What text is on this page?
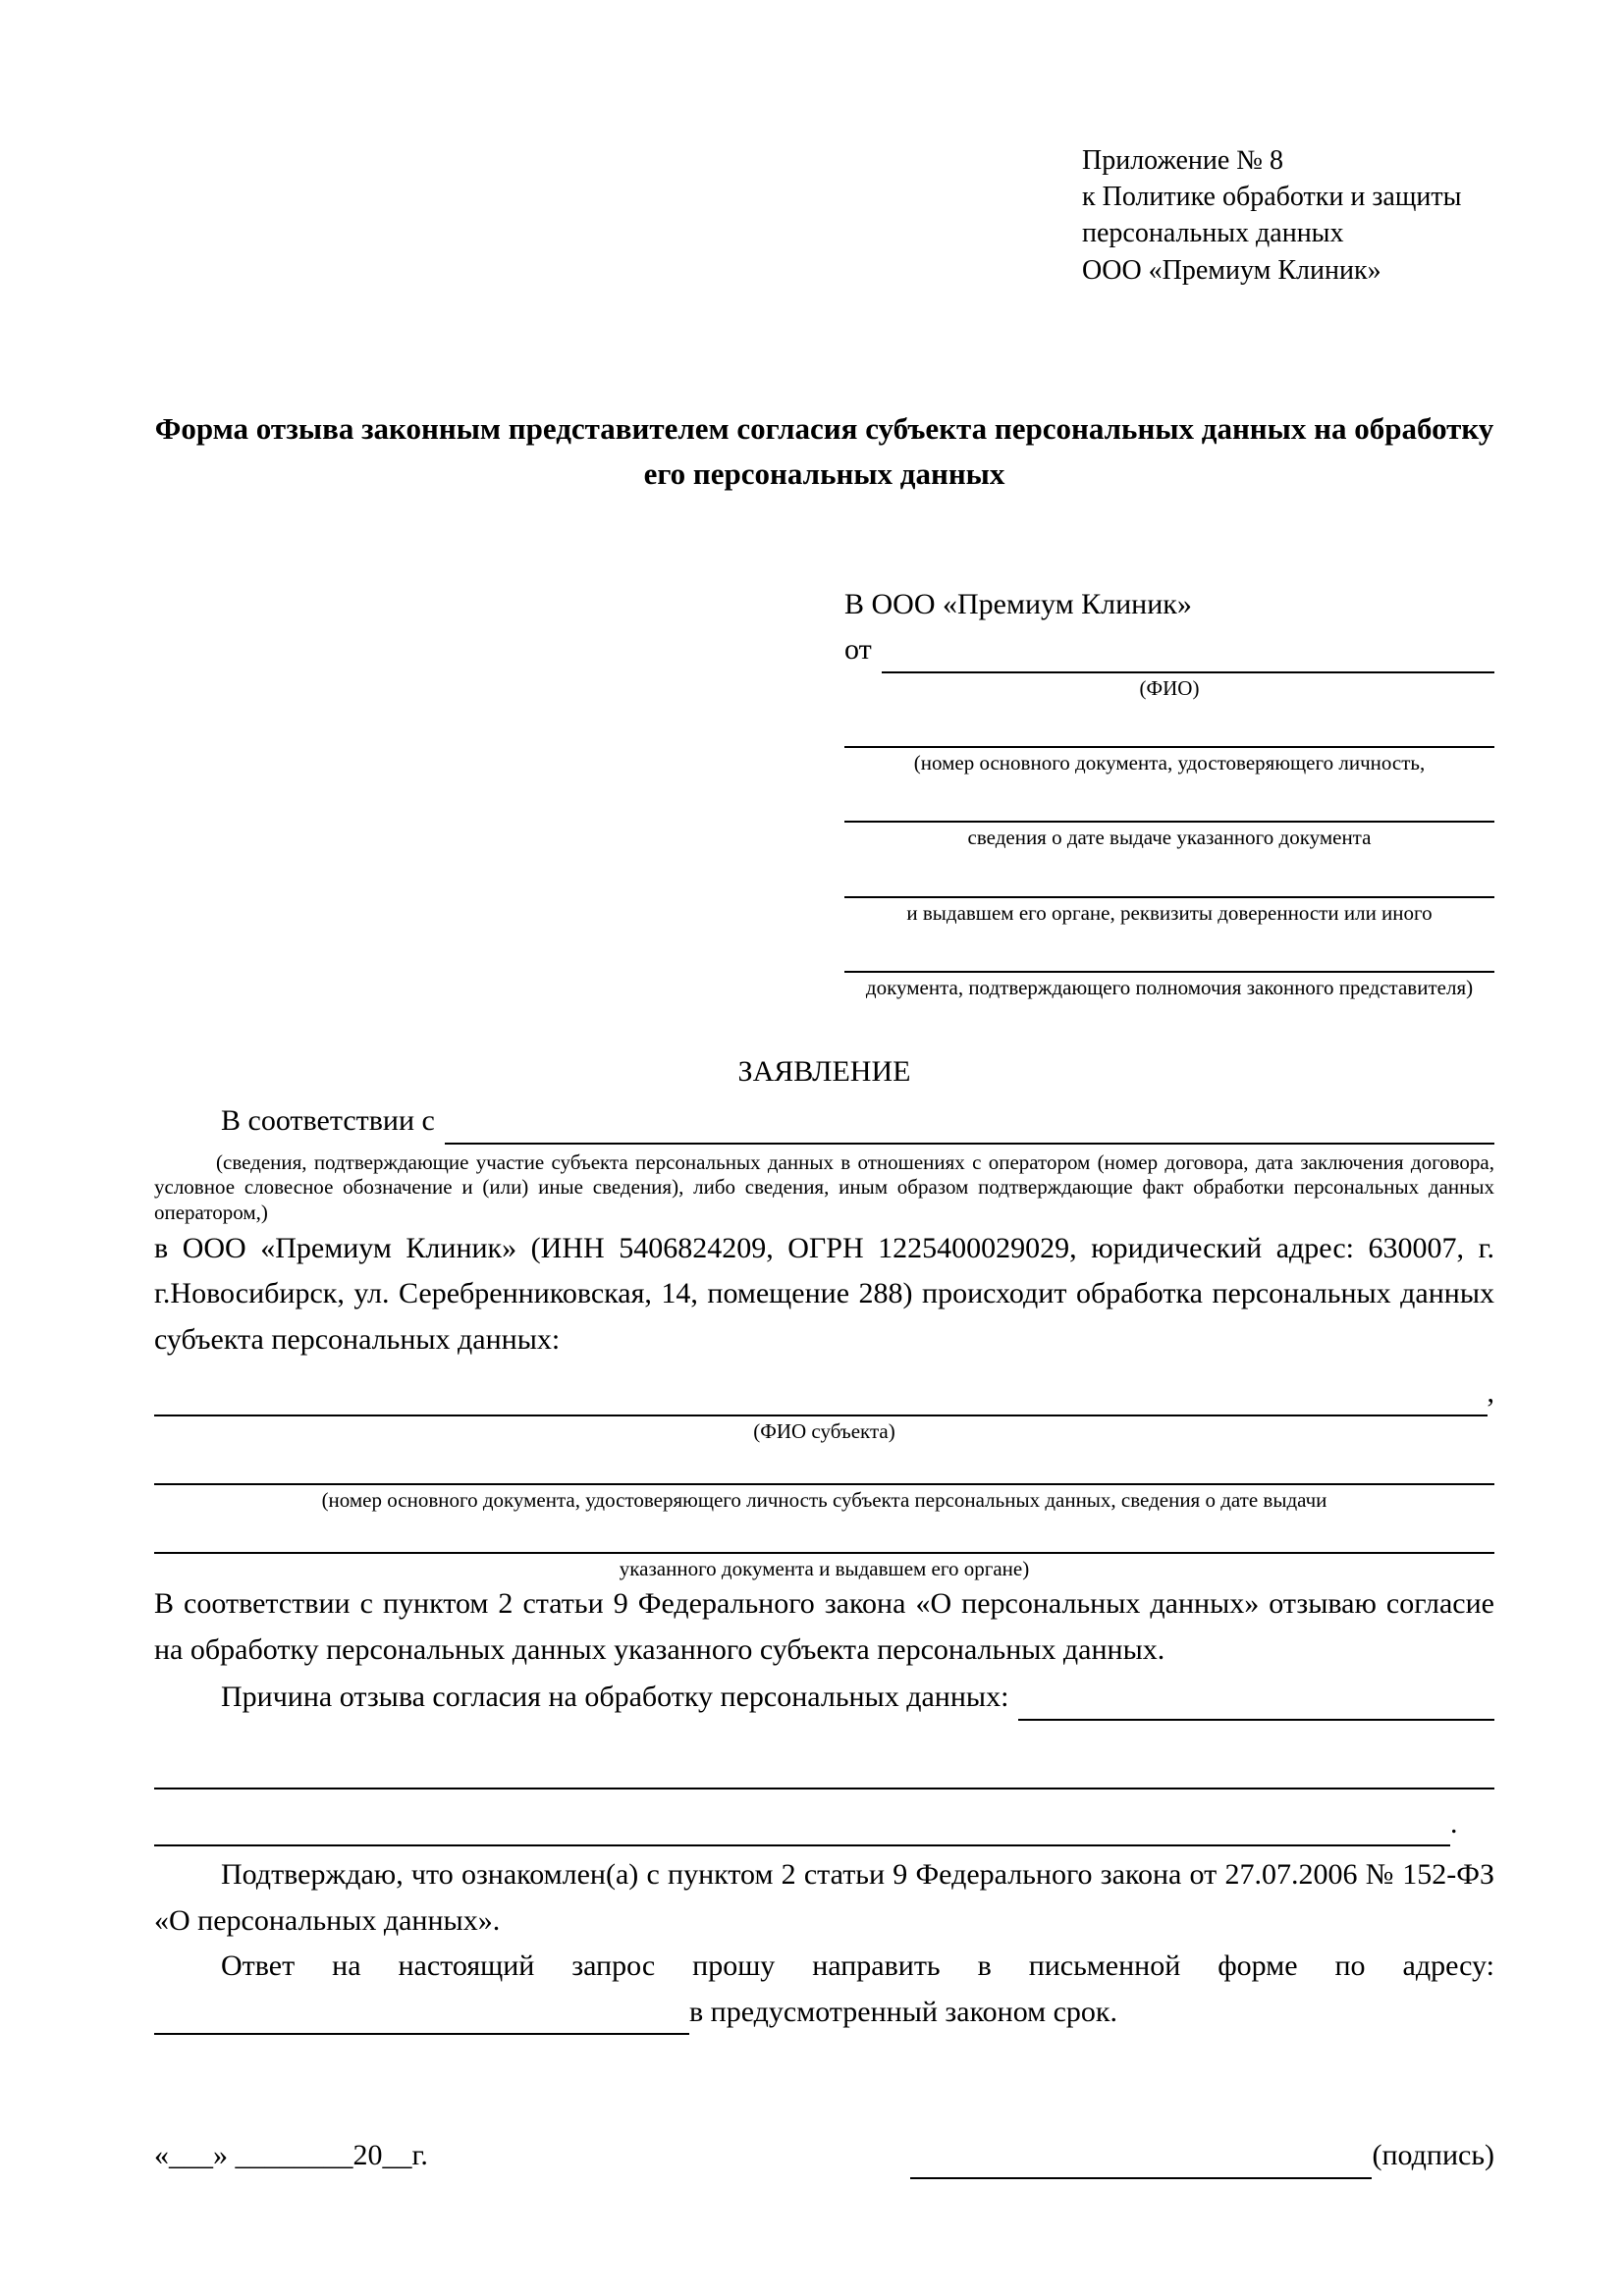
Приложение № 8
к Политике обработки и защиты
персональных данных
ООО «Премиум Клиник»
Форма отзыва законным представителем согласия субъекта персональных данных на обработку его персональных данных
В ООО «Премиум Клиник»
от
(ФИО)
(номер основного документа, удостоверяющего личность,
сведения о дате выдаче указанного документа
и выдавшем его органе, реквизиты доверенности или иного
документа, подтверждающего полномочия законного представителя)
ЗАЯВЛЕНИЕ
В соответствии с

(сведения, подтверждающие участие субъекта персональных данных в отношениях с оператором (номер договора, дата заключения договора, условное словесное обозначение и (или) иные сведения), либо сведения, иным образом подтверждающие факт обработки персональных данных оператором,)

в ООО «Премиум Клиник» (ИНН 5406824209, ОГРН 1225400029029, юридический адрес: 630007, г. г.Новосибирск, ул. Серебренниковская, 14, помещение 288) происходит обработка персональных данных субъекта персональных данных:

,
(ФИО субъекта)
(номер основного документа, удостоверяющего личность субъекта персональных данных, сведения о дате выдачи
указанного документа и выдавшем его органе)

В соответствии с пунктом 2 статьи 9 Федерального закона «О персональных данных» отзываю согласие на обработку персональных данных указанного субъекта персональных данных.

Причина отзыва согласия на обработку персональных данных:
.

Подтверждаю, что ознакомлен(а) с пунктом 2 статьи 9 Федерального закона от 27.07.2006 № 152-ФЗ «О персональных данных».

Ответ на настоящий запрос прошу направить в письменной форме по адресу:

в предусмотренный законом срок.
«___» ________20__г.	(подпись)
